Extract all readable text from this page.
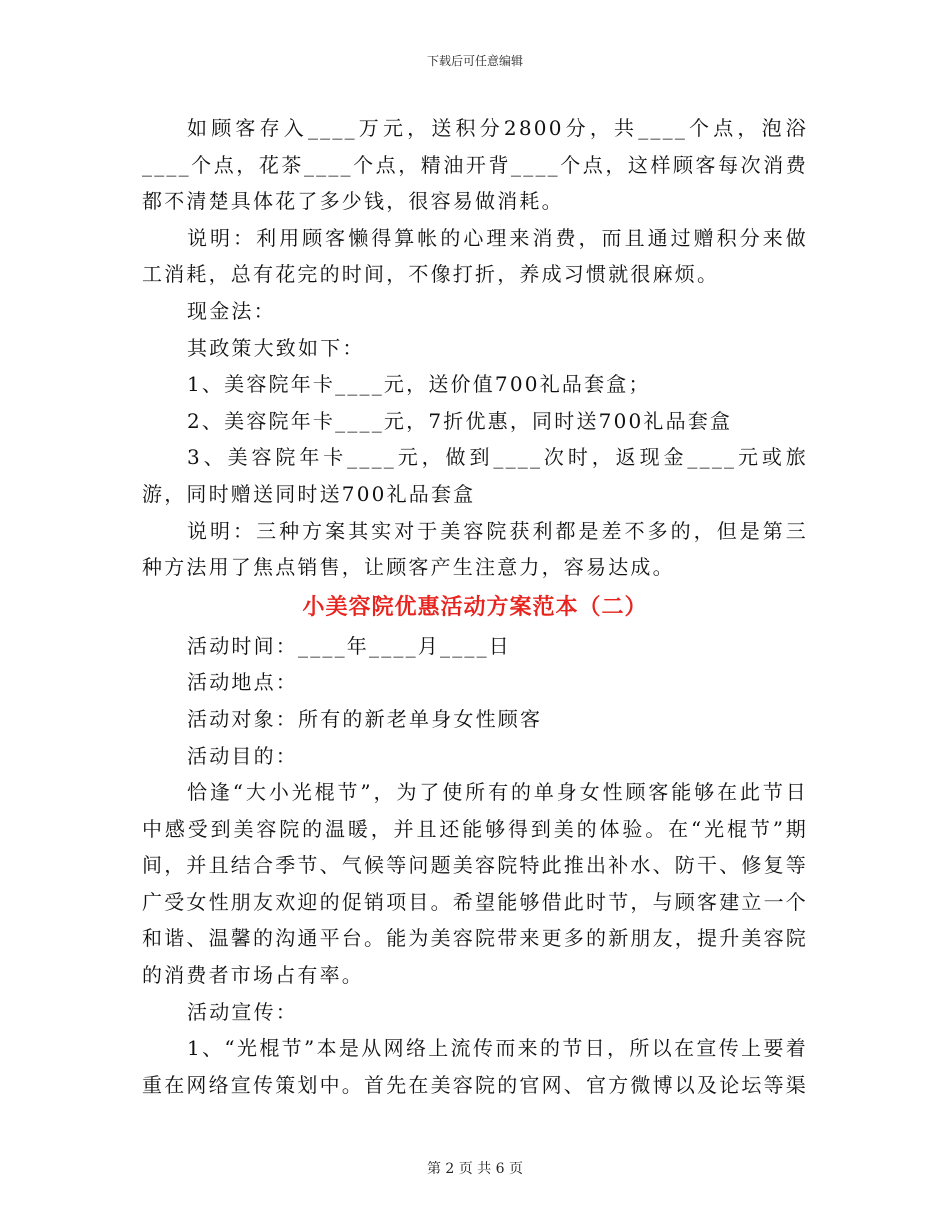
下载后可任意编辑

如顾客存入____万元，送积分2800分，共____个点，泡浴____个点，花茶____个点，精油开背____个点，这样顾客每次消费都不清楚具体花了多少钱，很容易做消耗。

说明：利用顾客懒得算帐的心理来消费，而且通过赠积分来做工消耗，总有花完的时间，不像打折，养成习惯就很麻烦。

现金法：

其政策大致如下：

1、美容院年卡____元，送价值700礼品套盒；

2、美容院年卡____元，7折优惠，同时送700礼品套盒

3、美容院年卡____元，做到____次时，返现金____元或旅游，同时赠送同时送700礼品套盒

说明：三种方案其实对于美容院获利都是差不多的，但是第三种方法用了焦点销售，让顾客产生注意力，容易达成。

小美容院优惠活动方案范本（二）

活动时间：____年____月____日

活动地点：

活动对象：所有的新老单身女性顾客

活动目的：

恰逢“大小光棍节”，为了使所有的单身女性顾客能够在此节日中感受到美容院的温暖，并且还能够得到美的体验。在“光棍节”期间，并且结合季节、气候等问题美容院特此推出补水、防干、修复等广受女性朋友欢迎的促销项目。希望能够借此时节，与顾客建立一个和谐、温馨的沟通平台。能为美容院带来更多的新朋友，提升美容院的消费者市场占有率。

活动宣传：

1、“光棍节”本是从网络上流传而来的节日，所以在宣传上要着重在网络宣传策划中。首先在美容院的官网、官方微博以及论坛等渠

第 2 页 共 6 页
